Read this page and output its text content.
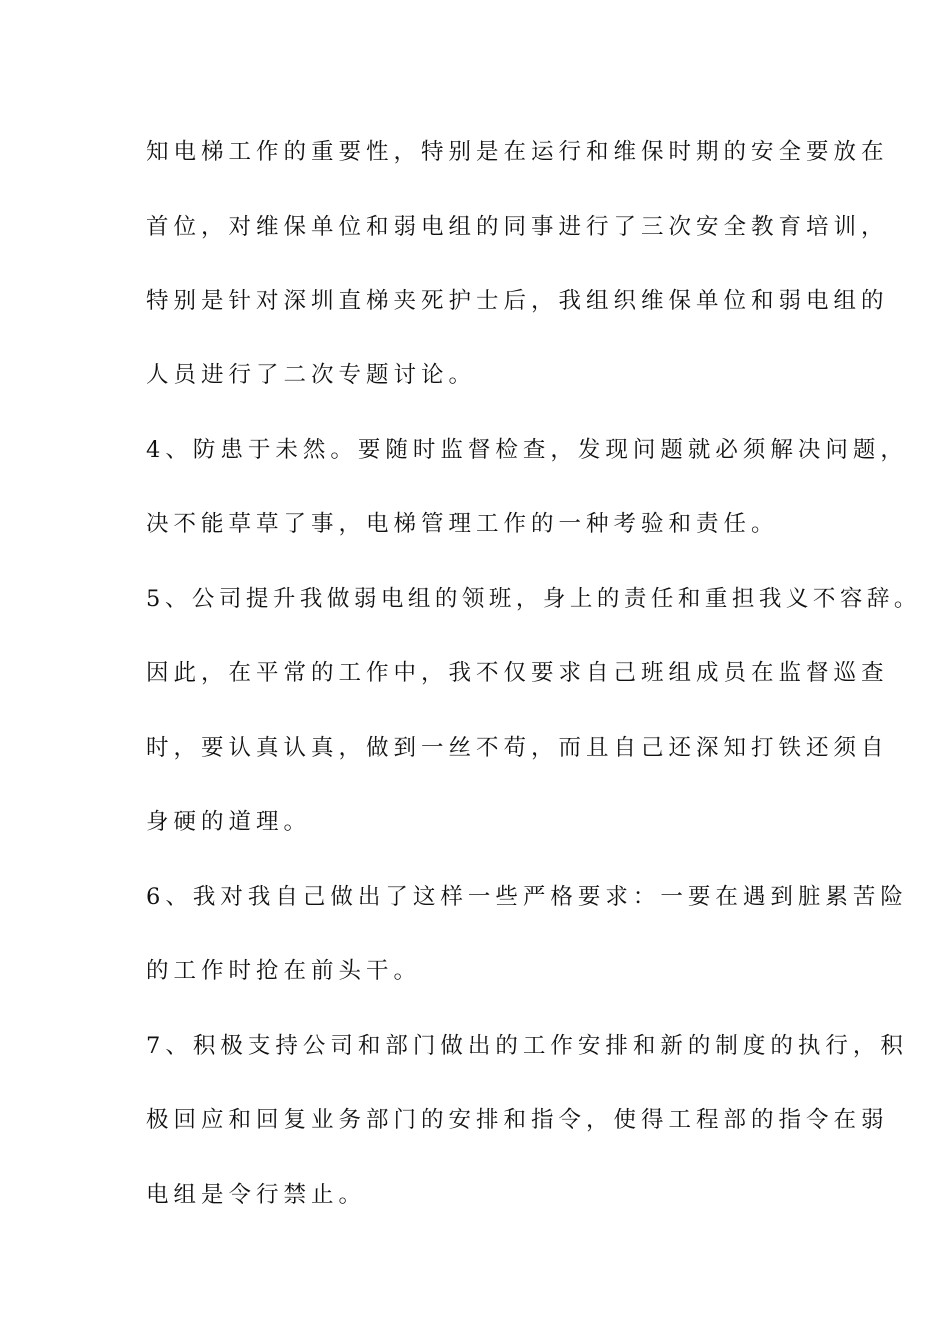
知电梯工作的重要性，特别是在运行和维保时期的安全要放在
首位，对维保单位和弱电组的同事进行了三次安全教育培训，
特别是针对深圳直梯夹死护士后，我组织维保单位和弱电组的
人员进行了二次专题讨论。
4、防患于未然。要随时监督检查，发现问题就必须解决问题，
决不能草草了事，电梯管理工作的一种考验和责任。
5、公司提升我做弱电组的领班，身上的责任和重担我义不容辞。
因此，在平常的工作中，我不仅要求自己班组成员在监督巡查
时，要认真认真，做到一丝不苟，而且自己还深知打铁还须自
身硬的道理。
6、我对我自己做出了这样一些严格要求：一要在遇到脏累苦险
的工作时抢在前头干。
7、积极支持公司和部门做出的工作安排和新的制度的执行，积
极回应和回复业务部门的安排和指令，使得工程部的指令在弱
电组是令行禁止。
